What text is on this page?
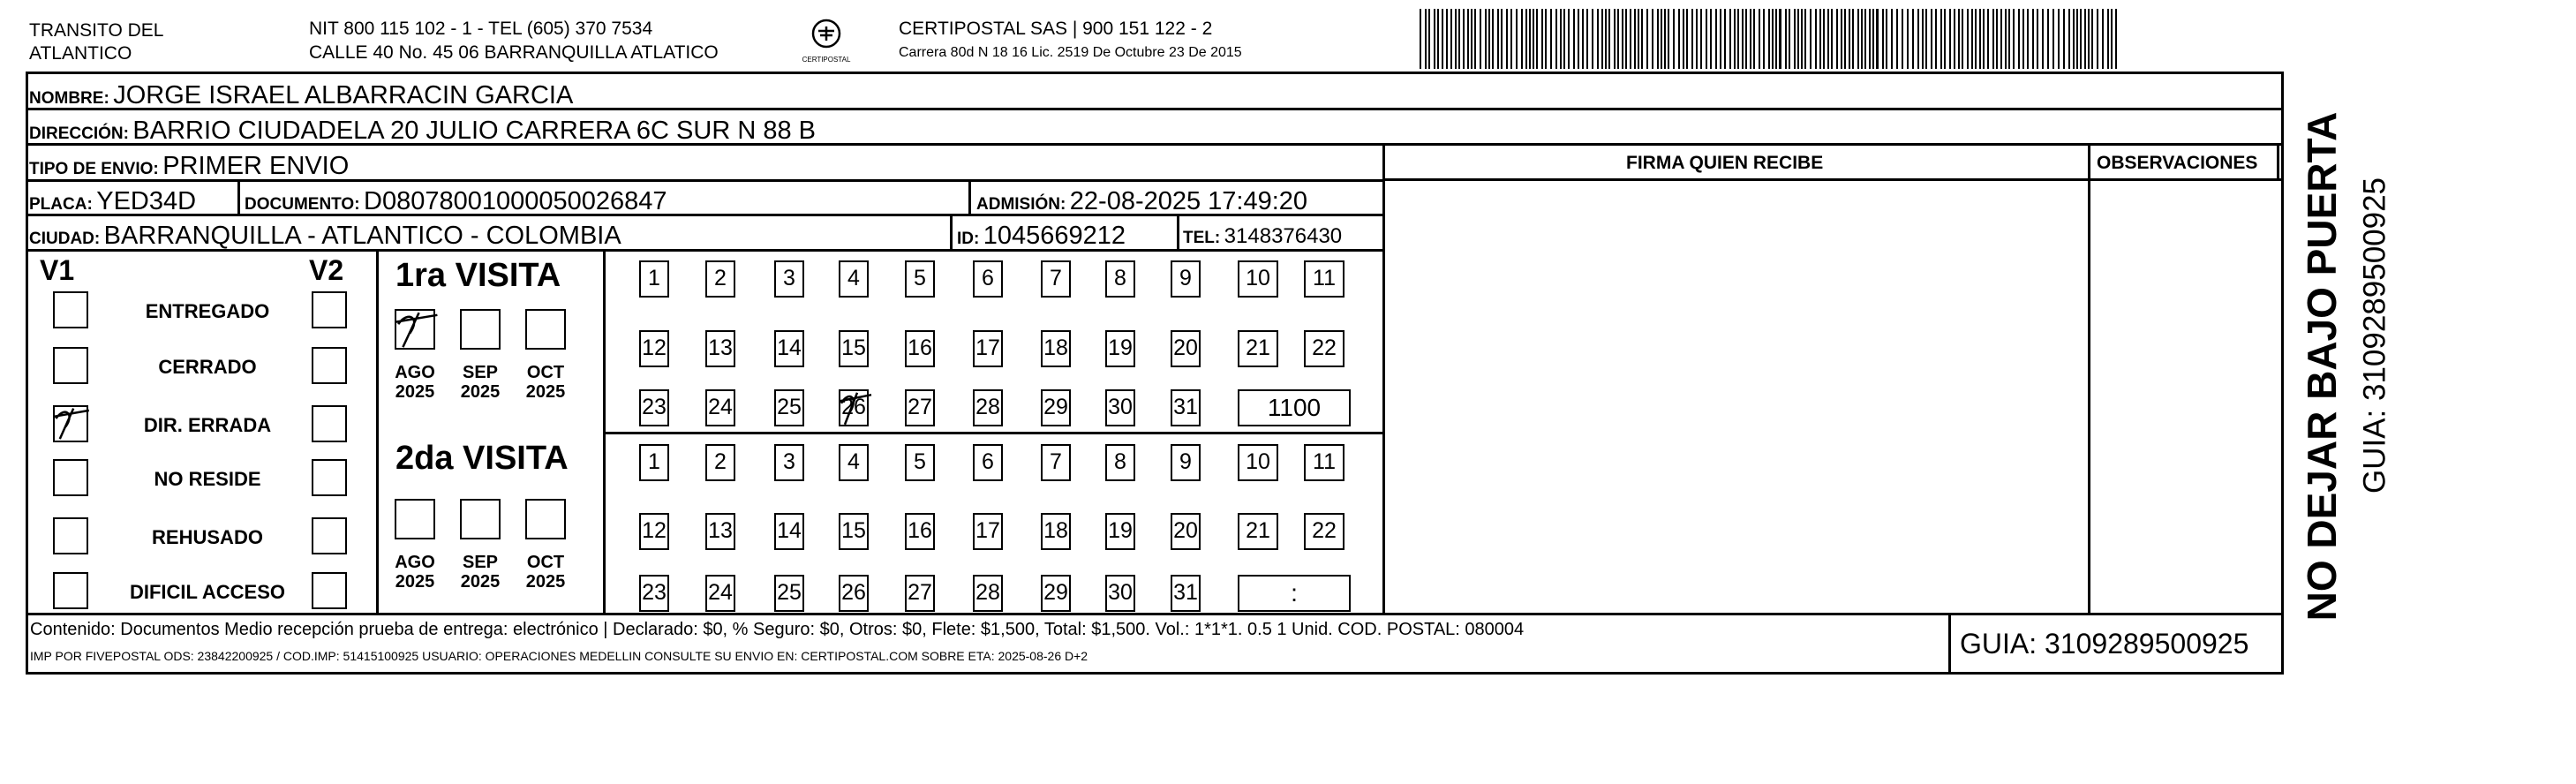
TRANSITO DEL
ATLANTICO
NIT 800 115 102 - 1 - TEL (605) 370 7534
CALLE 40 No. 45 06 BARRANQUILLA ATLATICO	CERTIPOSTAL
CERTIPOSTAL SAS | 900 151 122 - 2
Carrera 80d N 18 16 Lic. 2519 De Octubre 23 De 2015
NOMBRE: JORGE ISRAEL ALBARRACIN GARCIA
DIRECCIÓN: BARRIO CIUDADELA 20 JULIO CARRERA 6C SUR N 88 B
TIPO DE ENVIO: PRIMER ENVIO
PLACA: YED34D	DOCUMENTO: D08078001000050026847	ADMISIÓN: 22-08-2025 17:49:20
CIUDAD: BARRANQUILLA - ATLANTICO - COLOMBIA	ID: 1045669212	TEL: 3148376430
FIRMA QUIEN RECIBE	OBSERVACIONES
V1	V2
ENTREGADO
CERRADO
DIR. ERRADA
NO RESIDE
REHUSADO
DIFICIL ACCESO
1ra VISITA
2da VISITA
AGO
2025
SEP
2025
OCT
2025
AGO
2025
SEP
2025
OCT
2025
1	2	3	4	5	6	7	8	9	10	11
12 13 14 15 16 17 18 19 20	21	22
23 24 25 26 27 28 29 30 31	1100
1	2	3	4	5	6	7	8	9	10	11
12 13 14 15 16 17 18 19 20	21	22
23 24 25 26 27 28 29 30 31	:
Contenido: Documentos Medio recepción prueba de entrega: electrónico | Declarado: $0, % Seguro: $0, Otros: $0, Flete: $1,500, Total: $1,500. Vol.: 1*1*1. 0.5 1 Unid. COD. POSTAL: 080004
IMP POR FIVEPOSTAL ODS: 23842200925 / COD.IMP: 51415100925 USUARIO: OPERACIONES MEDELLIN CONSULTE SU ENVIO EN: CERTIPOSTAL.COM SOBRE ETA: 2025-08-26 D+2	GUIA: 3109289500925
NO DEJAR BAJO PUERTA GUIA: 3109289500925
